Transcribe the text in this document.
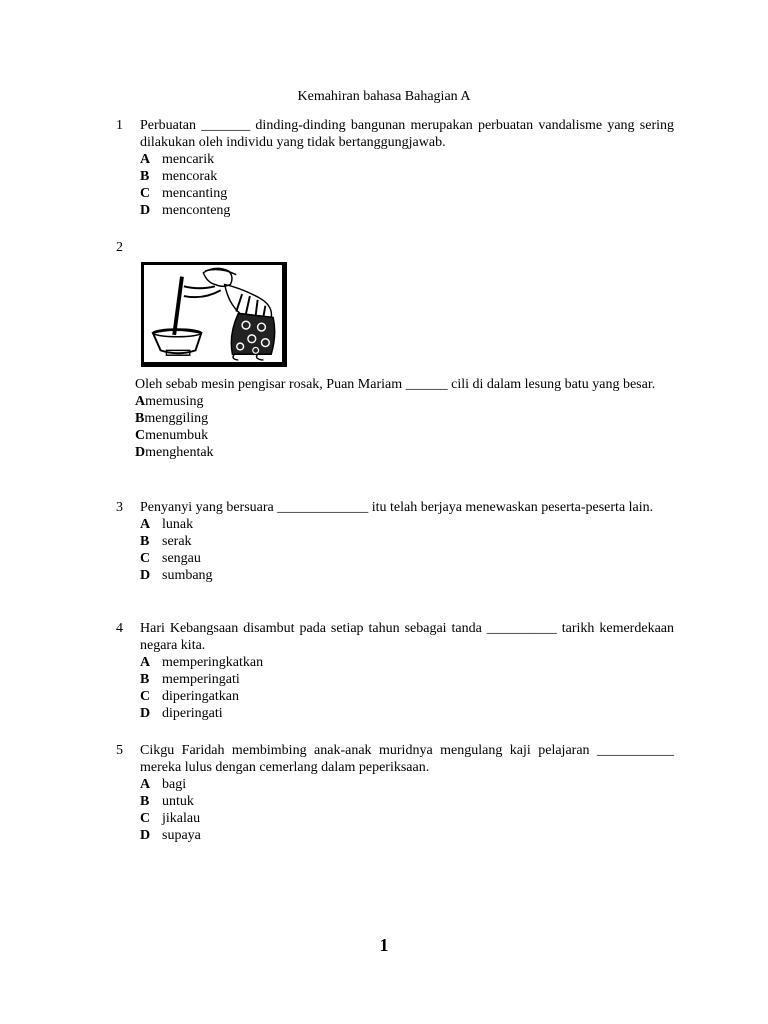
Kemahiran bahasa Bahagian A
1	Perbuatan _______ dinding-dinding bangunan merupakan perbuatan vandalisme yang sering dilakukan oleh individu yang tidak bertanggungjawab.
A mencarik
B mencorak
C mencanting
D menconteng
2
Oleh sebab mesin pengisar rosak, Puan Mariam ______ cili di dalam lesung batu yang besar.
Amemusing
Bmenggiling
Cmenumbuk
Dmenghentak
3	Penyanyi yang bersuara _____________ itu telah berjaya menewaskan peserta-peserta lain.
A lunak
B serak
C sengau
D sumbang
4	Hari Kebangsaan disambut pada setiap tahun sebagai tanda __________ tarikh kemerdekaan negara kita.
A memperingkatkan
B memperingati
C diperingatkan
D diperingati
5	Cikgu Faridah membimbing anak-anak muridnya mengulang kaji pelajaran ___________ mereka lulus dengan cemerlang dalam peperiksaan.
A bagi
B untuk
C jikalau
D supaya
1
